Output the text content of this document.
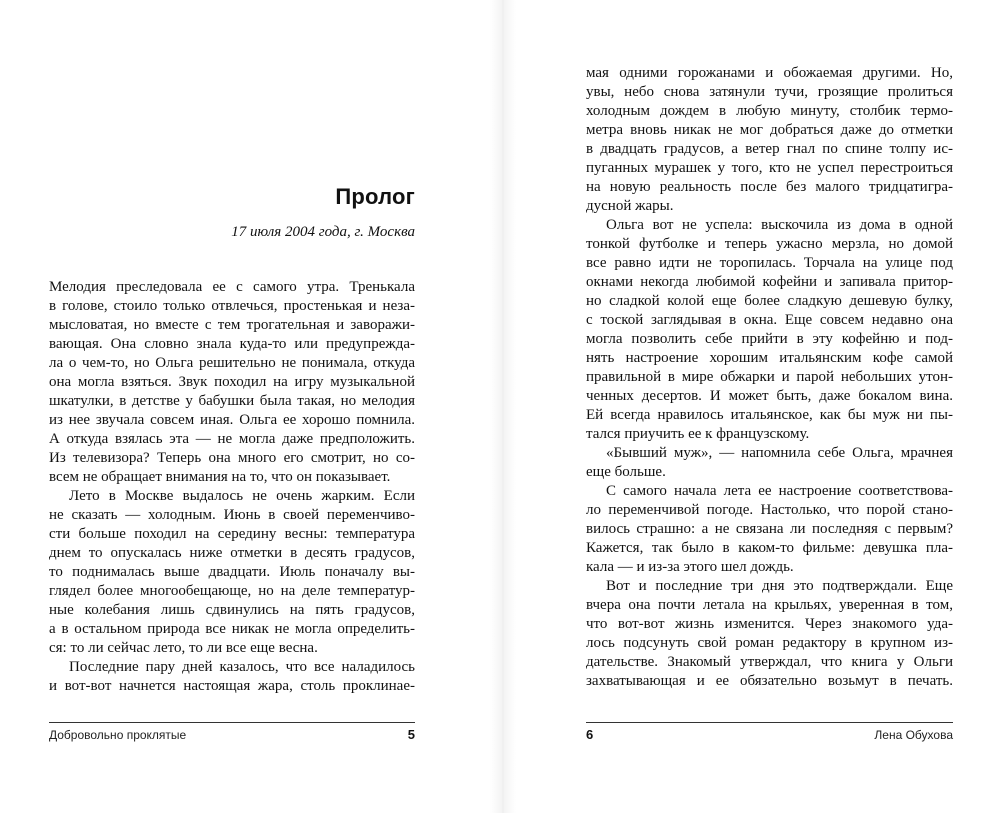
Пролог

17 июля 2004 года, г. Москва

Мелодия преследовала ее с самого утра. Тренькала
в голове, стоило только отвлечься, простенькая и неза-
мысловатая, но вместе с тем трогательная и заворажи-
вающая. Она словно знала куда-то или предупрежда-
ла о чем-то, но Ольга решительно не понимала, откуда
она могла взяться. Звук походил на игру музыкальной
шкатулки, в детстве у бабушки была такая, но мелодия
из нее звучала совсем иная. Ольга ее хорошо помнила.
А откуда взялась эта — не могла даже предположить.
Из телевизора? Теперь она много его смотрит, но со-
всем не обращает внимания на то, что он показывает.
Лето в Москве выдалось не очень жарким. Если
не сказать — холодным. Июнь в своей переменчиво-
сти больше походил на середину весны: температура
днем то опускалась ниже отметки в десять градусов,
то поднималась выше двадцати. Июль поначалу вы-
глядел более многообещающе, но на деле температур-
ные колебания лишь сдвинулись на пять градусов,
а в остальном природа все никак не могла определить-
ся: то ли сейчас лето, то ли все еще весна.
Последние пару дней казалось, что все наладилось
и вот-вот начнется настоящая жара, столь проклинае-
Добровольно проклятые	5
мая одними горожанами и обожаемая другими. Но,
увы, небо снова затянули тучи, грозящие пролиться
холодным дождем в любую минуту, столбик термо-
метра вновь никак не мог добраться даже до отметки
в двадцать градусов, а ветер гнал по спине толпу ис-
пуганных мурашек у того, кто не успел перестроиться
на новую реальность после без малого тридцатигра-
дусной жары.
Ольга вот не успела: выскочила из дома в одной
тонкой футболке и теперь ужасно мерзла, но домой
все равно идти не торопилась. Торчала на улице под
окнами некогда любимой кофейни и запивала притор-
но сладкой колой еще более сладкую дешевую булку,
с тоской заглядывая в окна. Еще совсем недавно она
могла позволить себе прийти в эту кофейню и под-
нять настроение хорошим итальянским кофе самой
правильной в мире обжарки и парой небольших утон-
ченных десертов. И может быть, даже бокалом вина.
Ей всегда нравилось итальянское, как бы муж ни пы-
тался приучить ее к французскому.
«Бывший муж», — напомнила себе Ольга, мрачнея
еще больше.
С самого начала лета ее настроение соответствова-
ло переменчивой погоде. Настолько, что порой стано-
вилось страшно: а не связана ли последняя с первым?
Кажется, так было в каком-то фильме: девушка пла-
кала — и из-за этого шел дождь.
Вот и последние три дня это подтверждали. Еще
вчера она почти летала на крыльях, уверенная в том,
что вот-вот жизнь изменится. Через знакомого уда-
лось подсунуть свой роман редактору в крупном из-
дательстве. Знакомый утверждал, что книга у Ольги
захватывающая и ее обязательно возьмут в печать.
6	Лена Обухова
